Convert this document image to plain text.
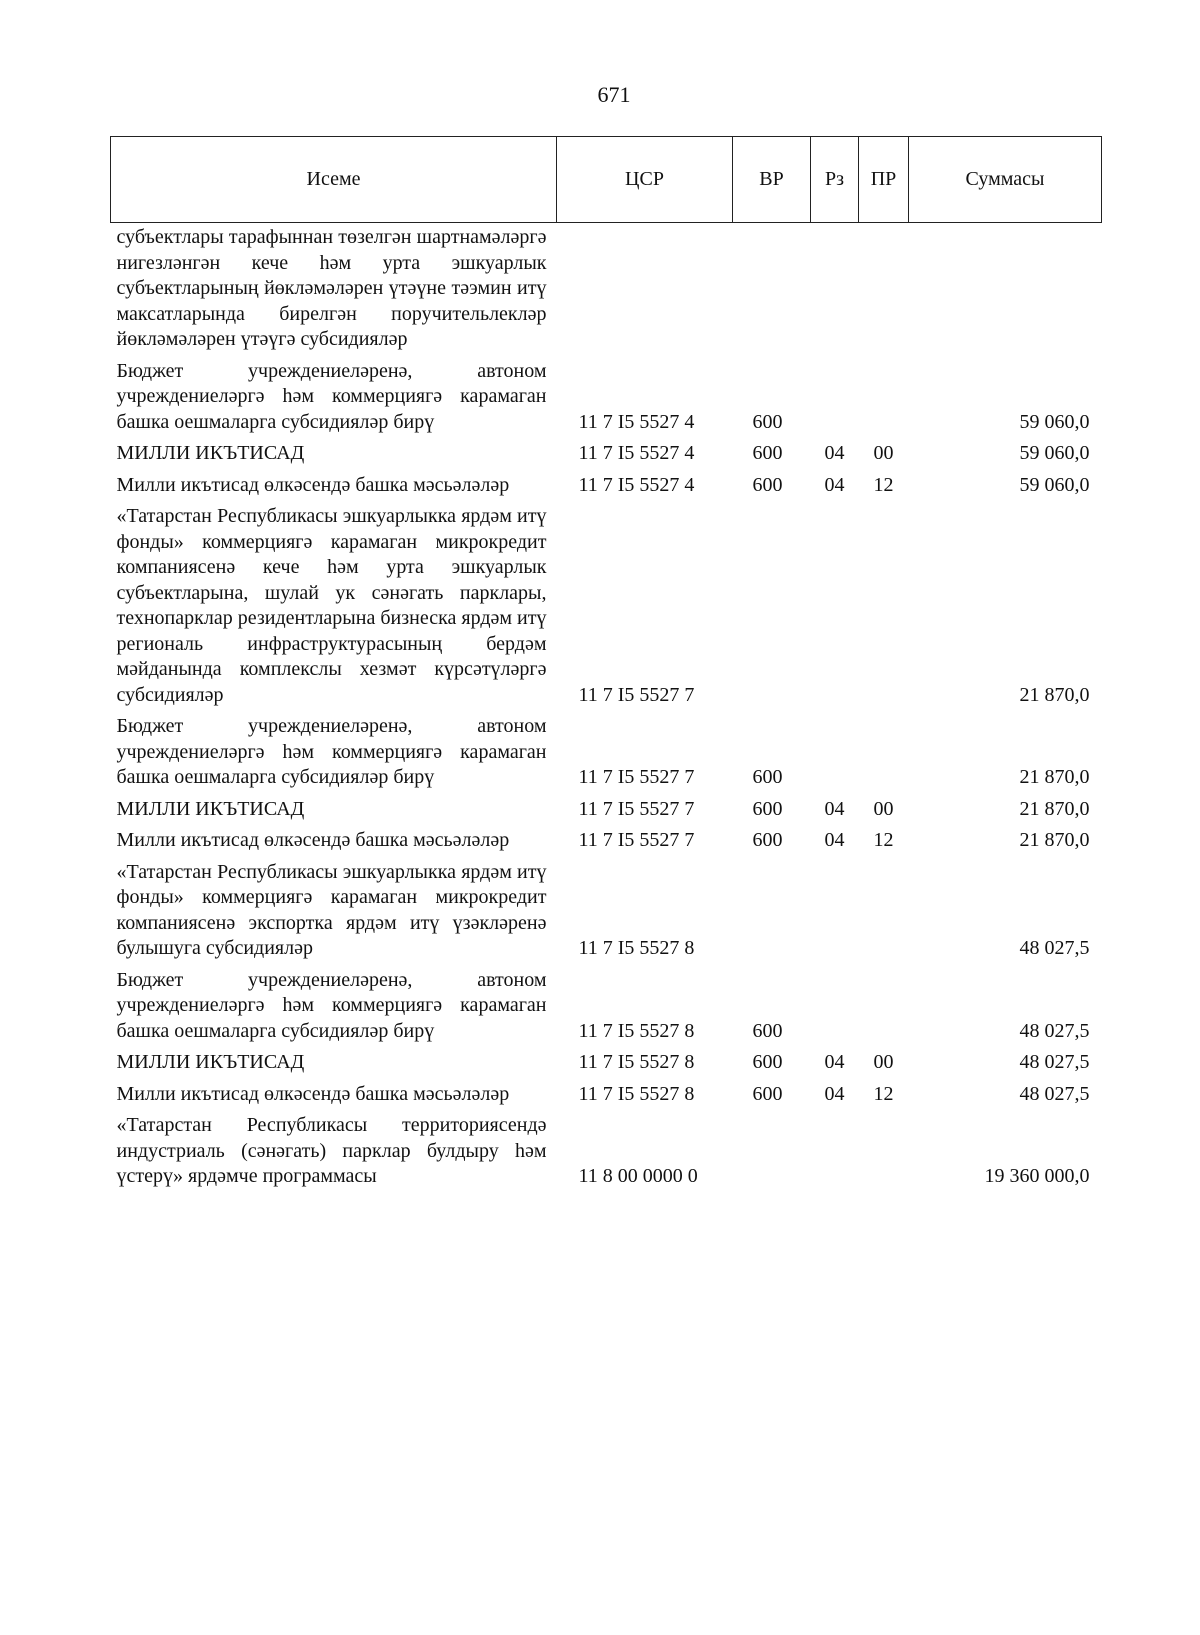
671
Исеме	ЦСР	ВР	Рз	ПР	Суммасы
субъектлары тарафыннан төзелгән шартнамәләргә нигезләнгән кече һәм урта эшкуарлык субъектларының йөкләмәләрен үтәүне тәэмин итү максатларында бирелгән поручительлекләр йөкләмәләрен үтәүгә субсидияләр					
Бюджет учреждениеләренә, автоном учреждениеләргә һәм коммерциягә карамаган башка оешмаларга субсидияләр бирү	11 7 I5 5527 4	600			59 060,0
МИЛЛИ ИКЪТИСАД	11 7 I5 5527 4	600	04	00	59 060,0
Милли икътисад өлкәсендә башка мәсьәләләр	11 7 I5 5527 4	600	04	12	59 060,0
«Татарстан Республикасы эшкуарлыкка ярдәм итү фонды» коммерциягә карамаган микрокредит компаниясенә кече һәм урта эшкуарлык субъектларына, шулай ук сәнәгать парклары, технопарклар резидентларына бизнеска ярдәм итү региональ инфраструктурасының бердәм мәйданында комплекслы хезмәт күрсәтүләргә субсидияләр	11 7 I5 5527 7				21 870,0
Бюджет учреждениеләренә, автоном учреждениеләргә һәм коммерциягә карамаган башка оешмаларга субсидияләр бирү	11 7 I5 5527 7	600			21 870,0
МИЛЛИ ИКЪТИСАД	11 7 I5 5527 7	600	04	00	21 870,0
Милли икътисад өлкәсендә башка мәсьәләләр	11 7 I5 5527 7	600	04	12	21 870,0
«Татарстан Республикасы эшкуарлыкка ярдәм итү фонды» коммерциягә карамаган микрокредит компаниясенә экспортка ярдәм итү үзәкләренә булышуга субсидияләр	11 7 I5 5527 8				48 027,5
Бюджет учреждениеләренә, автоном учреждениеләргә һәм коммерциягә карамаган башка оешмаларга субсидияләр бирү	11 7 I5 5527 8	600			48 027,5
МИЛЛИ ИКЪТИСАД	11 7 I5 5527 8	600	04	00	48 027,5
Милли икътисад өлкәсендә башка мәсьәләләр	11 7 I5 5527 8	600	04	12	48 027,5
«Татарстан Республикасы территориясендә индустриаль (сәнәгать) парклар булдыру һәм үстерү» ярдәмче программасы	11 8 00 0000 0				19 360 000,0
